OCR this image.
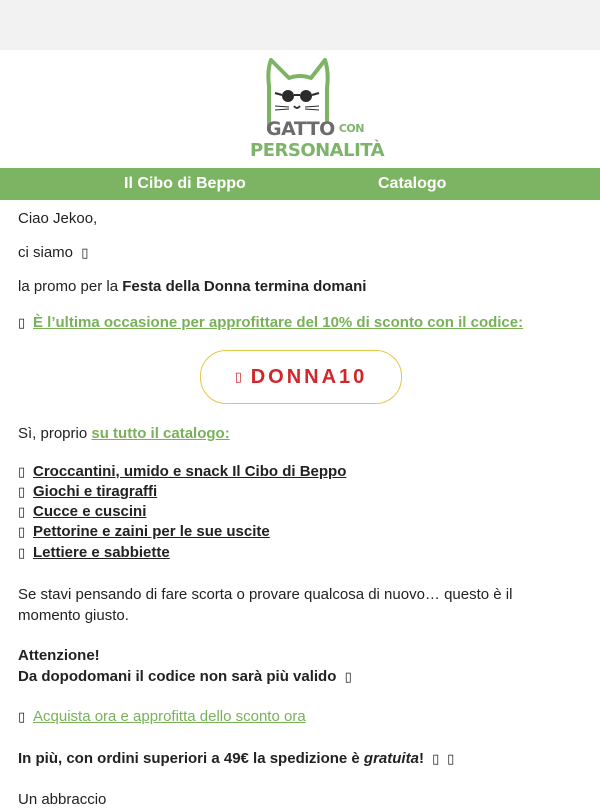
GATTO CON
PERSONALITÀ
Il Cibo di Beppo	Catalogo

Ciao Jekoo,

ci siamo ▯

la promo per la Festa della Donna termina domani

▯ È l’ultima occasione per approfittare del 10% di sconto con il codice:

▯ DONNA10

Sì, proprio su tutto il catalogo:

▯ Croccantini, umido e snack Il Cibo di Beppo
▯ Giochi e tiragraffi
▯ Cucce e cuscini
▯ Pettorine e zaini per le sue uscite
▯ Lettiere e sabbiette

Se stavi pensando di fare scorta o provare qualcosa di nuovo… questo è il momento giusto.

Attenzione!

Da dopodomani il codice non sarà più valido ▯

▯ Acquista ora e approfitta dello sconto ora

In più, con ordini superiori a 49€ la spedizione è gratuita! ▯ ▯

Un abbraccio
